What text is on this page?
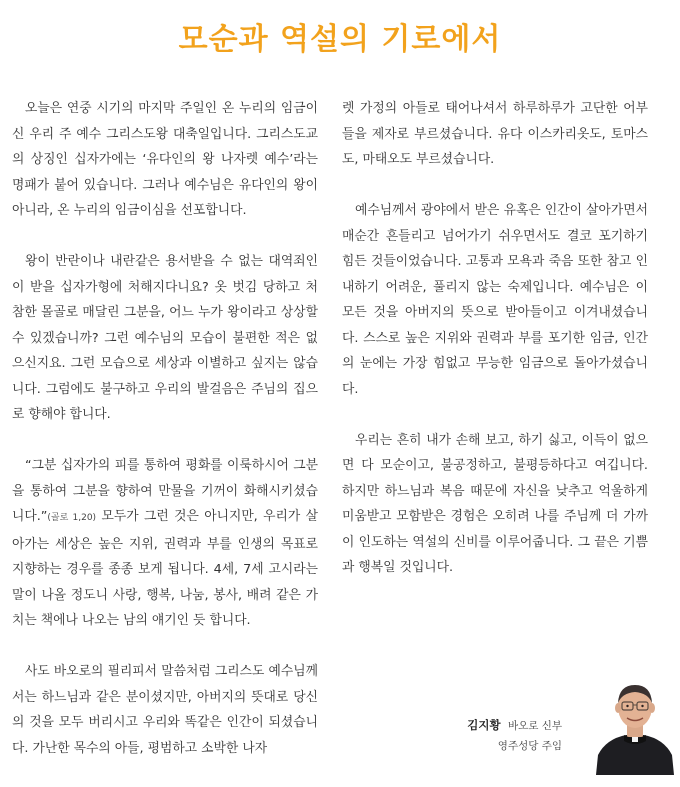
모순과 역설의 기로에서

오늘은 연중 시기의 마지막 주일인 온 누리의 임금이신 우리 주 예수 그리스도왕 대축일입니다. 그리스도교의 상징인 십자가에는 ‘유다인의 왕 나자렛 예수’라는 명패가 붙어 있습니다. 그러나 예수님은 유다인의 왕이 아니라, 온 누리의 임금이심을 선포합니다.

왕이 반란이나 내란같은 용서받을 수 없는 대역죄인이 받을 십자가형에 처해지다니요? 옷 벗김 당하고 처참한 몰골로 매달린 그분을, 어느 누가 왕이라고 상상할 수 있겠습니까? 그런 예수님의 모습이 불편한 적은 없으신지요. 그런 모습으로 세상과 이별하고 싶지는 않습니다. 그럼에도 불구하고 우리의 발걸음은 주님의 집으로 향해야 합니다.

“그분 십자가의 피를 통하여 평화를 이룩하시어 그분을 통하여 그분을 향하여 만물을 기꺼이 화해시키셨습니다.”(골로 1,20) 모두가 그런 것은 아니지만, 우리가 살아가는 세상은 높은 지위, 권력과 부를 인생의 목표로 지향하는 경우를 종종 보게 됩니다. 4세, 7세 고시라는 말이 나올 정도니 사랑, 행복, 나눔, 봉사, 배려 같은 가치는 책에나 나오는 남의 얘기인 듯 합니다.

사도 바오로의 필리피서 말씀처럼 그리스도 예수님께서는 하느님과 같은 분이셨지만, 아버지의 뜻대로 당신의 것을 모두 버리시고 우리와 똑같은 인간이 되셨습니다. 가난한 목수의 아들, 평범하고 소박한 나자

렛 가정의 아들로 태어나셔서 하루하루가 고단한 어부들을 제자로 부르셨습니다. 유다 이스카리옷도, 토마스도, 마태오도 부르셨습니다.

예수님께서 광야에서 받은 유혹은 인간이 살아가면서 매순간 흔들리고 넘어가기 쉬우면서도 결코 포기하기 힘든 것들이었습니다. 고통과 모욕과 죽음 또한 참고 인내하기 어려운, 풀리지 않는 숙제입니다. 예수님은 이 모든 것을 아버지의 뜻으로 받아들이고 이겨내셨습니다. 스스로 높은 지위와 권력과 부를 포기한 임금, 인간의 눈에는 가장 힘없고 무능한 임금으로 돌아가셨습니다.

우리는 흔히 내가 손해 보고, 하기 싫고, 이득이 없으면 다 모순이고, 불공정하고, 불평등하다고 여깁니다. 하지만 하느님과 복음 때문에 자신을 낮추고 억울하게 미움받고 모함받은 경험은 오히려 나를 주님께 더 가까이 인도하는 역설의 신비를 이루어줍니다. 그 끝은 기쁨과 행복일 것입니다.

김지황 바오로 신부
영주성당 주임
